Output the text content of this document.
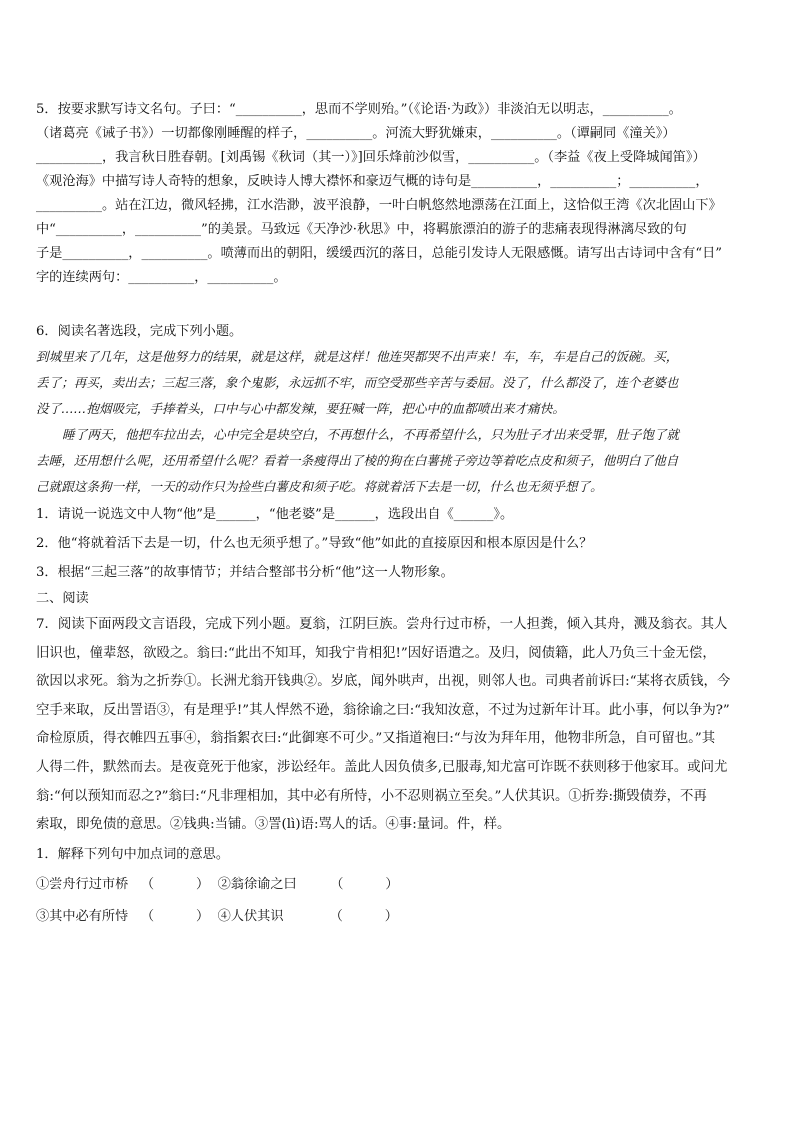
5．按要求默写诗文名句。子曰：“__________，思而不学则殆。”（《论语·为政》）非淡泊无以明志，__________。
（诸葛亮《诫子书》）一切都像刚睡醒的样子，__________。河流大野犹嫌束，__________。（谭嗣同《潼关》）
__________，我言秋日胜春朝。[刘禹锡《秋词（其一）》]回乐烽前沙似雪，__________。（李益《夜上受降城闻笛》）
《观沧海》中描写诗人奇特的想象，反映诗人博大襟怀和豪迈气概的诗句是__________，__________；__________，
__________。站在江边，微风轻拂，江水浩渺，波平浪静，一叶白帆悠然地漂荡在江面上，这恰似王湾《次北固山下》
中“__________，__________”的美景。马致远《天净沙·秋思》中，将羁旅漂泊的游子的悲痛表现得淋漓尽致的句
子是__________，__________。喷薄而出的朝阳，缓缓西沉的落日，总能引发诗人无限感慨。请写出古诗词中含有“日”
字的连续两句：__________，__________。
6．阅读名著选段，完成下列小题。
到城里来了几年，这是他努力的结果，就是这样，就是这样！他连哭都哭不出声来！车，车，车是自己的饭碗。买，
丢了；再买，卖出去；三起三落，象个鬼影，永远抓不牢，而空受那些辛苦与委屈。没了，什么都没了，连个老婆也
没了……抱烟吸完，手捧着头，口中与心中都发辣，要狂喊一阵，把心中的血都喷出来才痛快。
睡了两天，他把车拉出去，心中完全是块空白，不再想什么，不再希望什么，只为肚子才出来受罪，肚子饱了就
去睡，还用想什么呢，还用希望什么呢？看着一条瘦得出了棱的狗在白薯挑子旁边等着吃点皮和须子，他明白了他自
己就跟这条狗一样，一天的动作只为捡些白薯皮和须子吃。将就着活下去是一切，什么也无须乎想了。
1．请说一说选文中人物“他”是______，“他老婆”是______，选段出自《______》。
2．他“将就着活下去是一切，什么也无须乎想了。”导致“他”如此的直接原因和根本原因是什么？
3．根据“三起三落”的故事情节；并结合整部书分析“他”这一人物形象。
二、阅读
7．阅读下面两段文言语段，完成下列小题。夏翁，江阴巨族。尝舟行过市桥，一人担粪，倾入其舟，溅及翁衣。其人
旧识也，僮辈怒，欲殴之。翁曰:“此出不知耳，知我宁肯相犯!”因好语遣之。及归，阅债籍，此人乃负三十金无偿，
欲因以求死。翁为之折券①。长洲尤翁开钱典②。岁底，闻外哄声，出视，则邻人也。司典者前诉曰:“某将衣质钱，今
空手来取，反出詈语③，有是理乎!”其人悍然不逊，翁徐谕之曰:“我知汝意，不过为过新年计耳。此小事，何以争为?”
命检原质，得衣帷四五事④，翁指絮衣曰:“此御寒不可少。”又指道袍曰:“与汝为拜年用，他物非所急，自可留也。”其
人得二件，默然而去。是夜竟死于他家，涉讼经年。盖此人因负债多,已服毒,知尤富可诈既不获则移于他家耳。或问尤
翁:“何以预知而忍之?”翁曰:“凡非理相加，其中必有所恃，小不忍则祸立至矣。”人伏其识。①折券:撕毁债券，不再
索取，即免债的意思。②钱典:当铺。③詈(lì)语:骂人的话。④事:量词。件，样。
1．解释下列句中加点词的意思。
①尝舟行过市桥   （          ）  ②翁徐谕之曰        （          ）
③其中必有所恃   （          ）  ④人伏其识           （          ）
